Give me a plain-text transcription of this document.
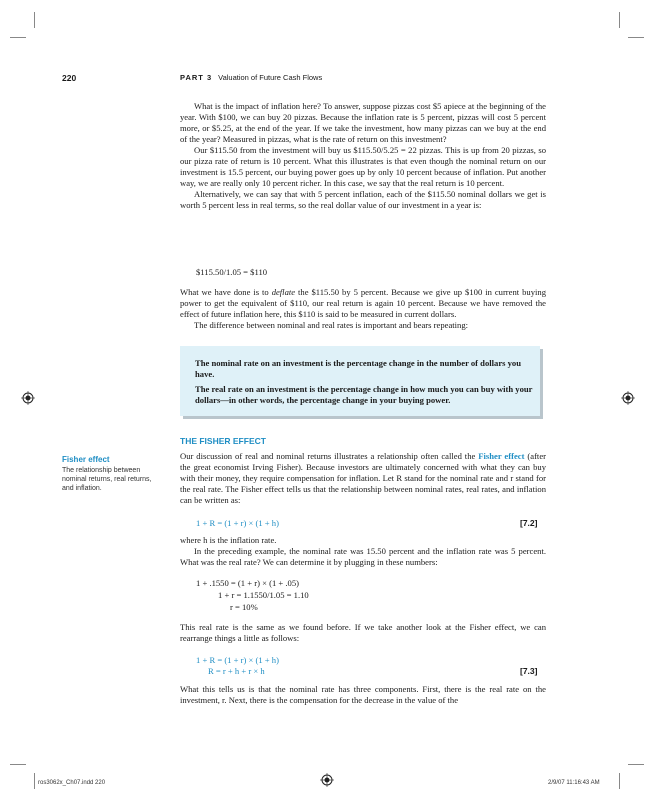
220	PART 3 Valuation of Future Cash Flows

What is the impact of inflation here? To answer, suppose pizzas cost $5 apiece at the beginning of the year. With $100, we can buy 20 pizzas. Because the inflation rate is 5 percent, pizzas will cost 5 percent more, or $5.25, at the end of the year. If we take the investment, how many pizzas can we buy at the end of the year? Measured in pizzas, what is the rate of return on this investment?

Our $115.50 from the investment will buy us $115.50/5.25 = 22 pizzas. This is up from 20 pizzas, so our pizza rate of return is 10 percent. What this illustrates is that even though the nominal return on our investment is 15.5 percent, our buying power goes up by only 10 percent because of inflation. Put another way, we are really only 10 percent richer. In this case, we say that the real return is 10 percent.

Alternatively, we can say that with 5 percent inflation, each of the $115.50 nominal dollars we get is worth 5 percent less in real terms, so the real dollar value of our investment in a year is:

$115.50/1.05 = $110

What we have done is to deflate the $115.50 by 5 percent. Because we give up $100 in current buying power to get the equivalent of $110, our real return is again 10 percent. Because we have removed the effect of future inflation here, this $110 is said to be measured in current dollars.

The difference between nominal and real rates is important and bears repeating:

The nominal rate on an investment is the percentage change in the number of dollars you have.

The real rate on an investment is the percentage change in how much you can buy with your dollars—in other words, the percentage change in your buying power.

THE FISHER EFFECT
Fisher effect
The relationship between nominal returns, real returns, and inflation.

Our discussion of real and nominal returns illustrates a relationship often called the Fisher effect (after the great economist Irving Fisher). Because investors are ultimately concerned with what they can buy with their money, they require compensation for inflation. Let R stand for the nominal rate and r stand for the real rate. The Fisher effect tells us that the relationship between nominal rates, real rates, and inflation can be written as:

1 + R = (1 + r) × (1 + h)	[7.2]

where h is the inflation rate.

In the preceding example, the nominal rate was 15.50 percent and the inflation rate was 5 percent. What was the real rate? We can determine it by plugging in these numbers:

1 + .1550 = (1 + r) × (1 + .05)
1 + r = 1.1550/1.05 = 1.10
r = 10%

This real rate is the same as we found before. If we take another look at the Fisher effect, we can rearrange things a little as follows:

1 + R = (1 + r) × (1 + h)
R = r + h + r × h	[7.3]

What this tells us is that the nominal rate has three components. First, there is the real rate on the investment, r. Next, there is the compensation for the decrease in the value of the

ros3062x_Ch07.indd 220	2/9/07 11:16:43 AM
